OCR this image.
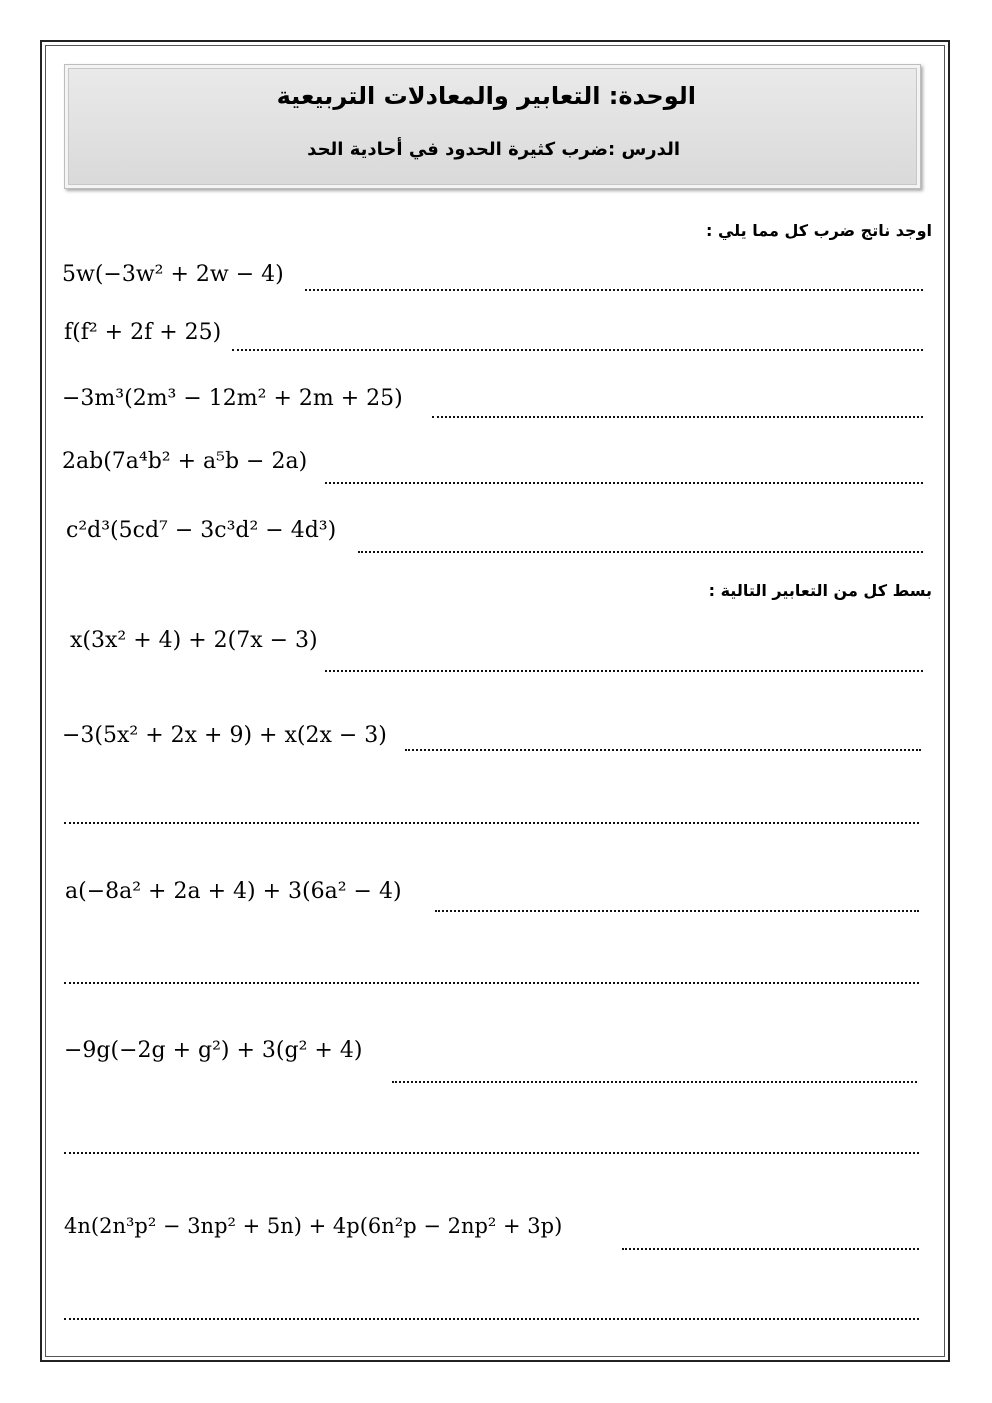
الوحدة: التعابير والمعادلات التربيعية
الدرس :ضرب كثيرة الحدود في أحادية الحد
اوجد ناتج ضرب كل مما يلي :
5w(−3w² + 2w − 4)
f(f² + 2f + 25)
−3m³(2m³ − 12m² + 2m + 25)
2ab(7a⁴b² + a⁵b − 2a)
c²d³(5cd⁷ − 3c³d² − 4d³)
بسط كل من التعابير التالية :
x(3x² + 4) + 2(7x − 3)
−3(5x² + 2x + 9) + x(2x − 3)
a(−8a² + 2a + 4) + 3(6a² − 4)
−9g(−2g + g²) + 3(g² + 4)
4n(2n³p² − 3np² + 5n) + 4p(6n²p − 2np² + 3p)
